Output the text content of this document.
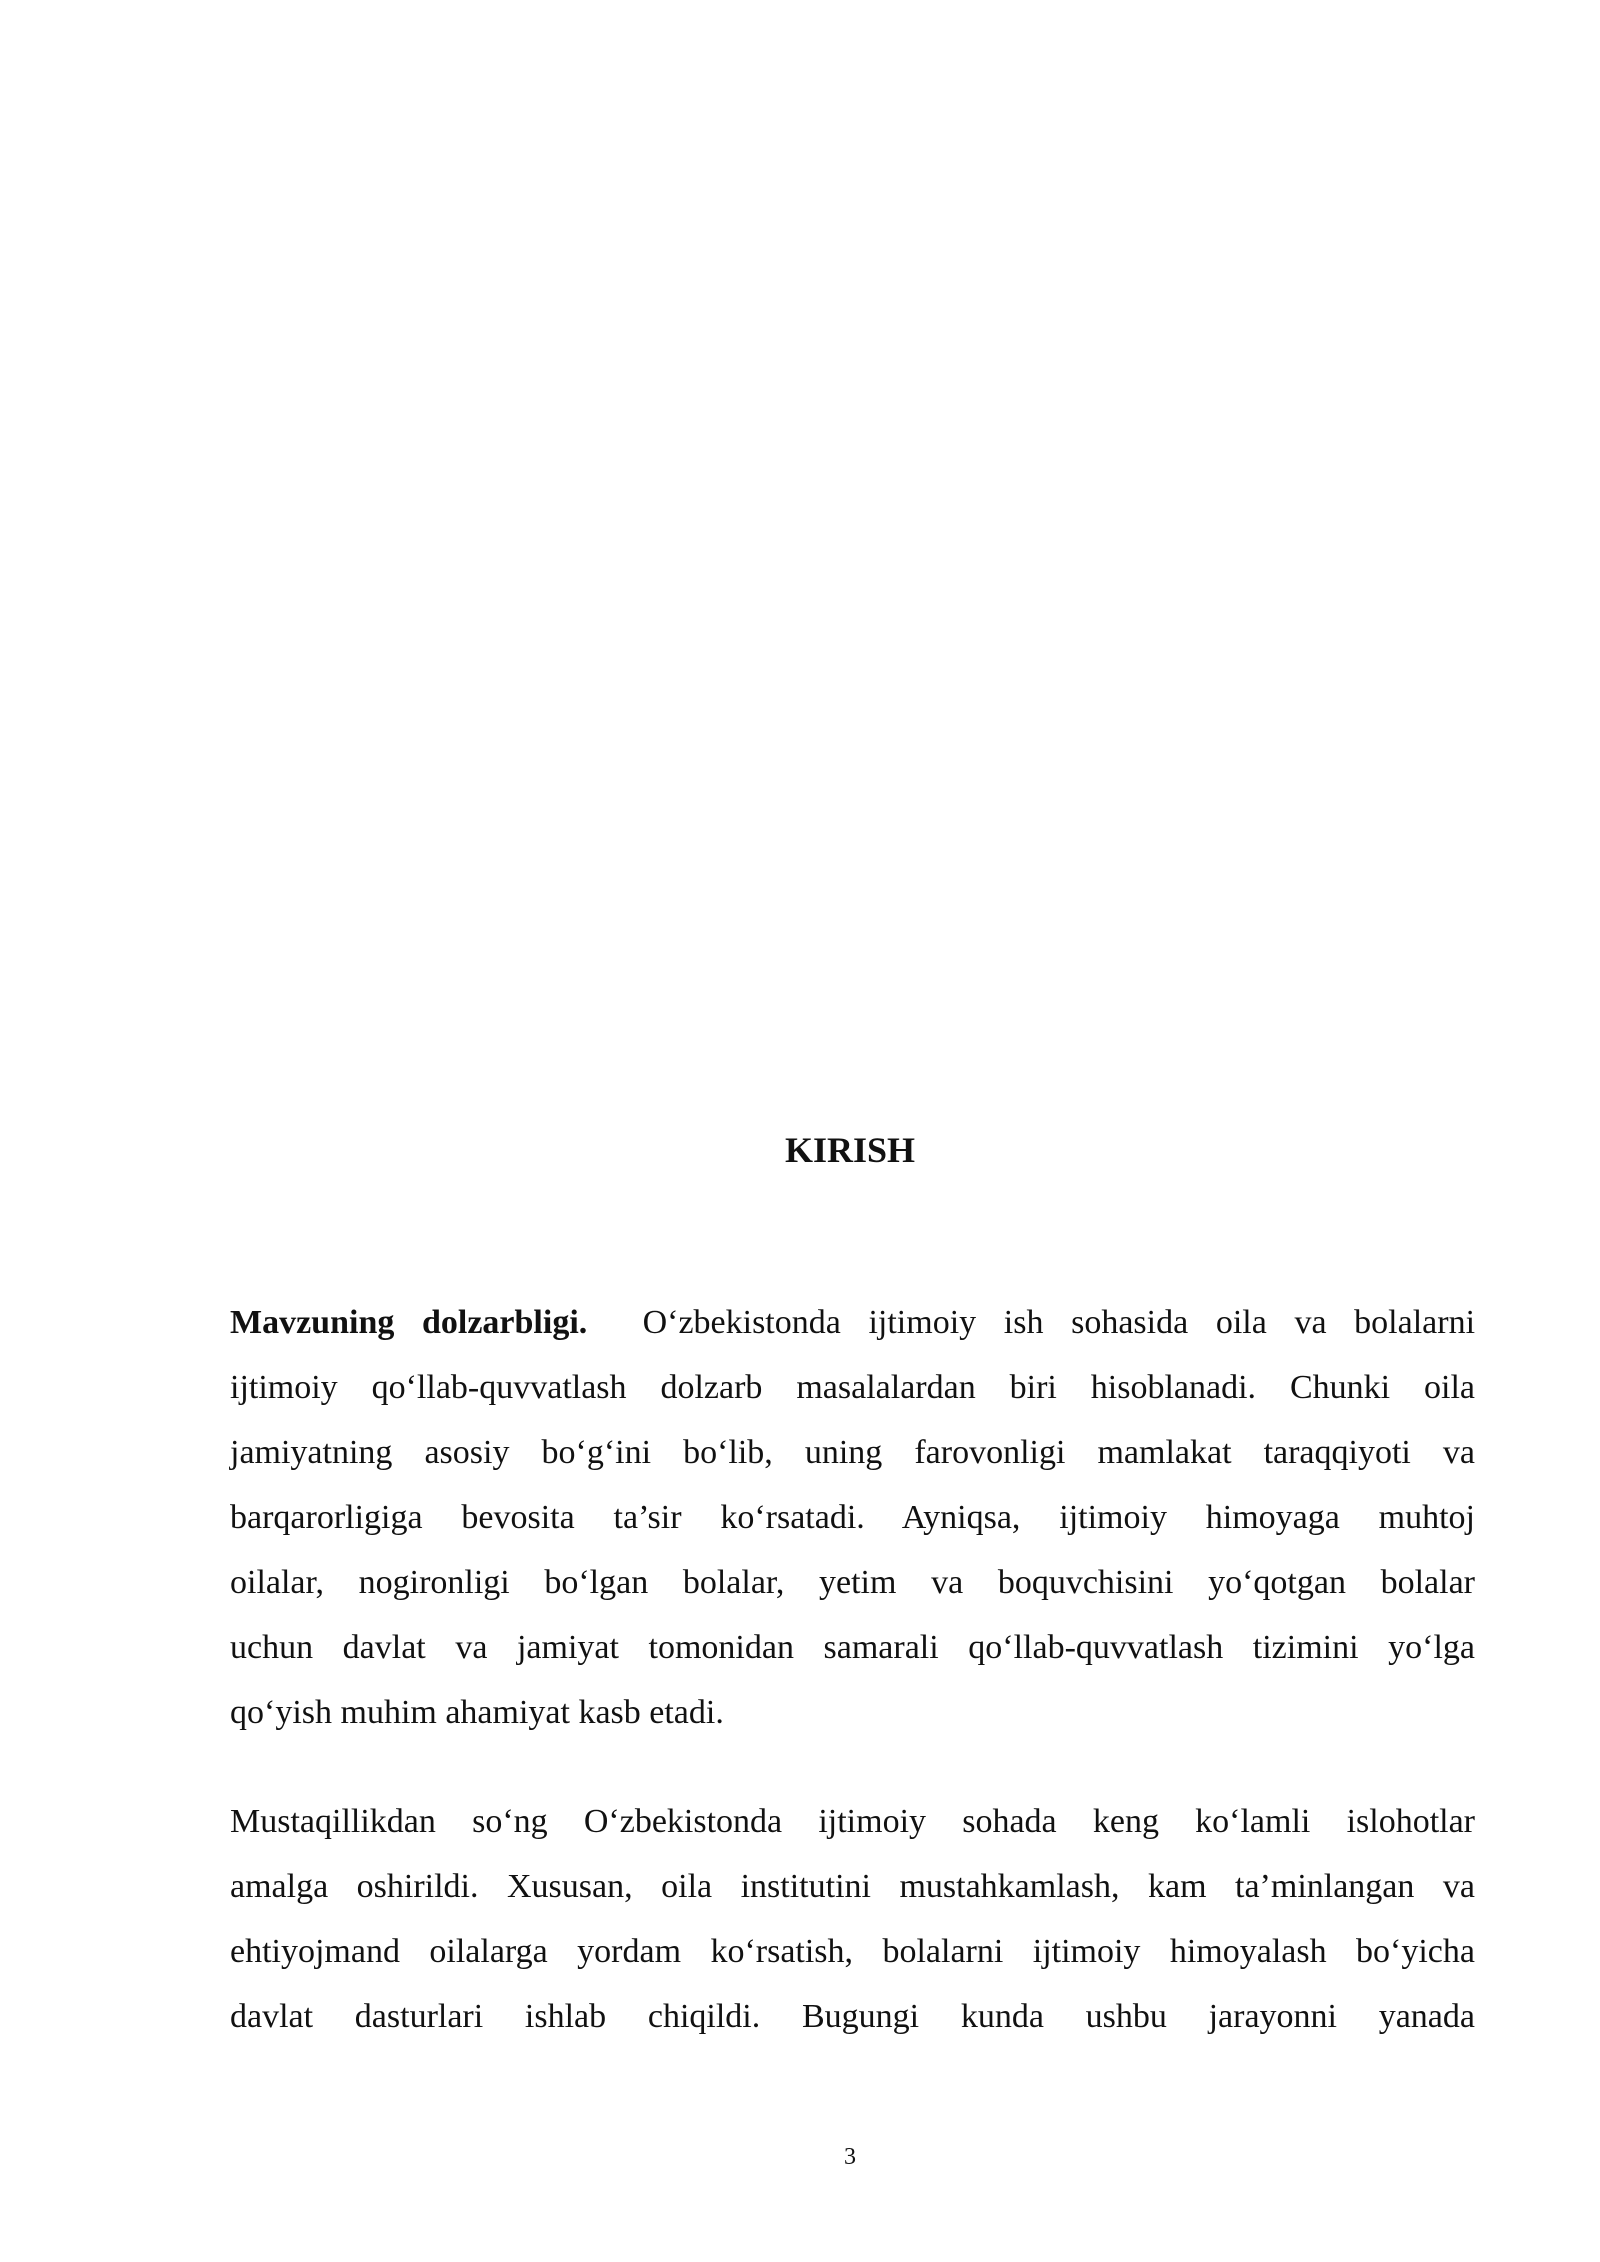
KIRISH
Mavzuning dolzarbligi. O‘zbekistonda ijtimoiy ish sohasida oila va bolalarni
ijtimoiy qo‘llab-quvvatlash dolzarb masalalardan biri hisoblanadi. Chunki oila
jamiyatning asosiy bo‘g‘ini bo‘lib, uning farovonligi mamlakat taraqqiyoti va
barqarorligiga bevosita ta’sir ko‘rsatadi. Ayniqsa, ijtimoiy himoyaga muhtoj
oilalar, nogironligi bo‘lgan bolalar, yetim va boquvchisini yo‘qotgan bolalar
uchun davlat va jamiyat tomonidan samarali qo‘llab-quvvatlash tizimini yo‘lga
qo‘yish muhim ahamiyat kasb etadi.
Mustaqillikdan so‘ng O‘zbekistonda ijtimoiy sohada keng ko‘lamli islohotlar
amalga oshirildi. Xususan, oila institutini mustahkamlash, kam ta’minlangan va
ehtiyojmand oilalarga yordam ko‘rsatish, bolalarni ijtimoiy himoyalash bo‘yicha
davlat dasturlari ishlab chiqildi. Bugungi kunda ushbu jarayonni yanada
3
